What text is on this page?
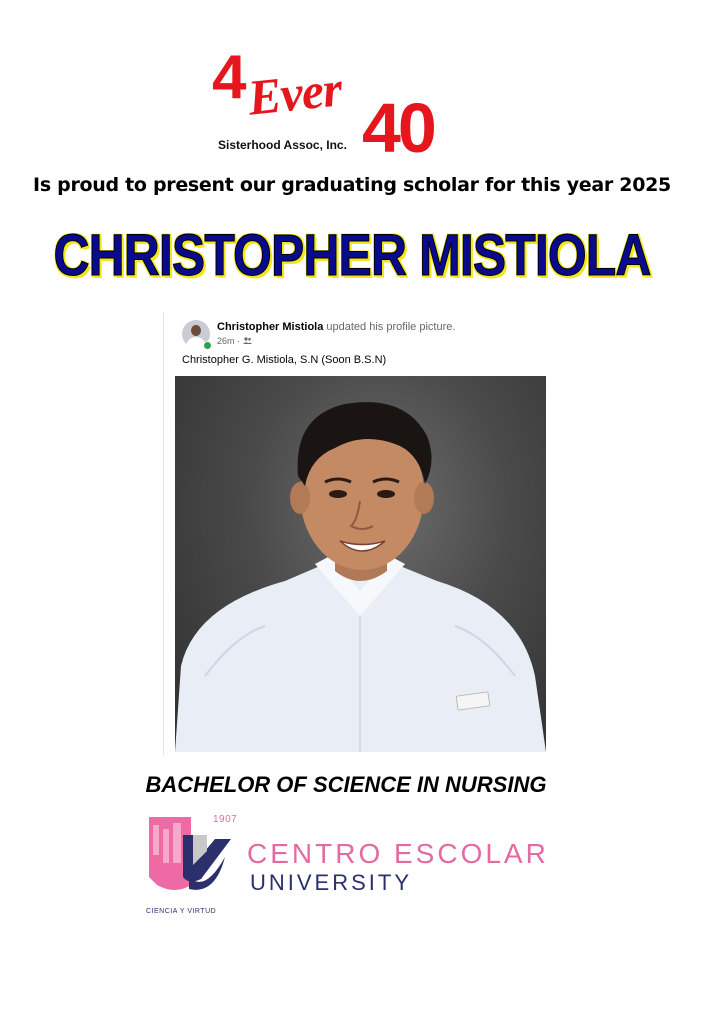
4 Ever 40
Sisterhood Assoc, Inc.
Is proud to present our graduating scholar for this year 2025
CHRISTOPHER MISTIOLA
Christopher Mistiola updated his profile picture.
26m ·
Christopher G. Mistiola, S.N (Soon B.S.N)
BACHELOR OF SCIENCE IN NURSING
1907
CENTRO ESCOLAR
UNIVERSITY
CIENCIA Y VIRTUD
